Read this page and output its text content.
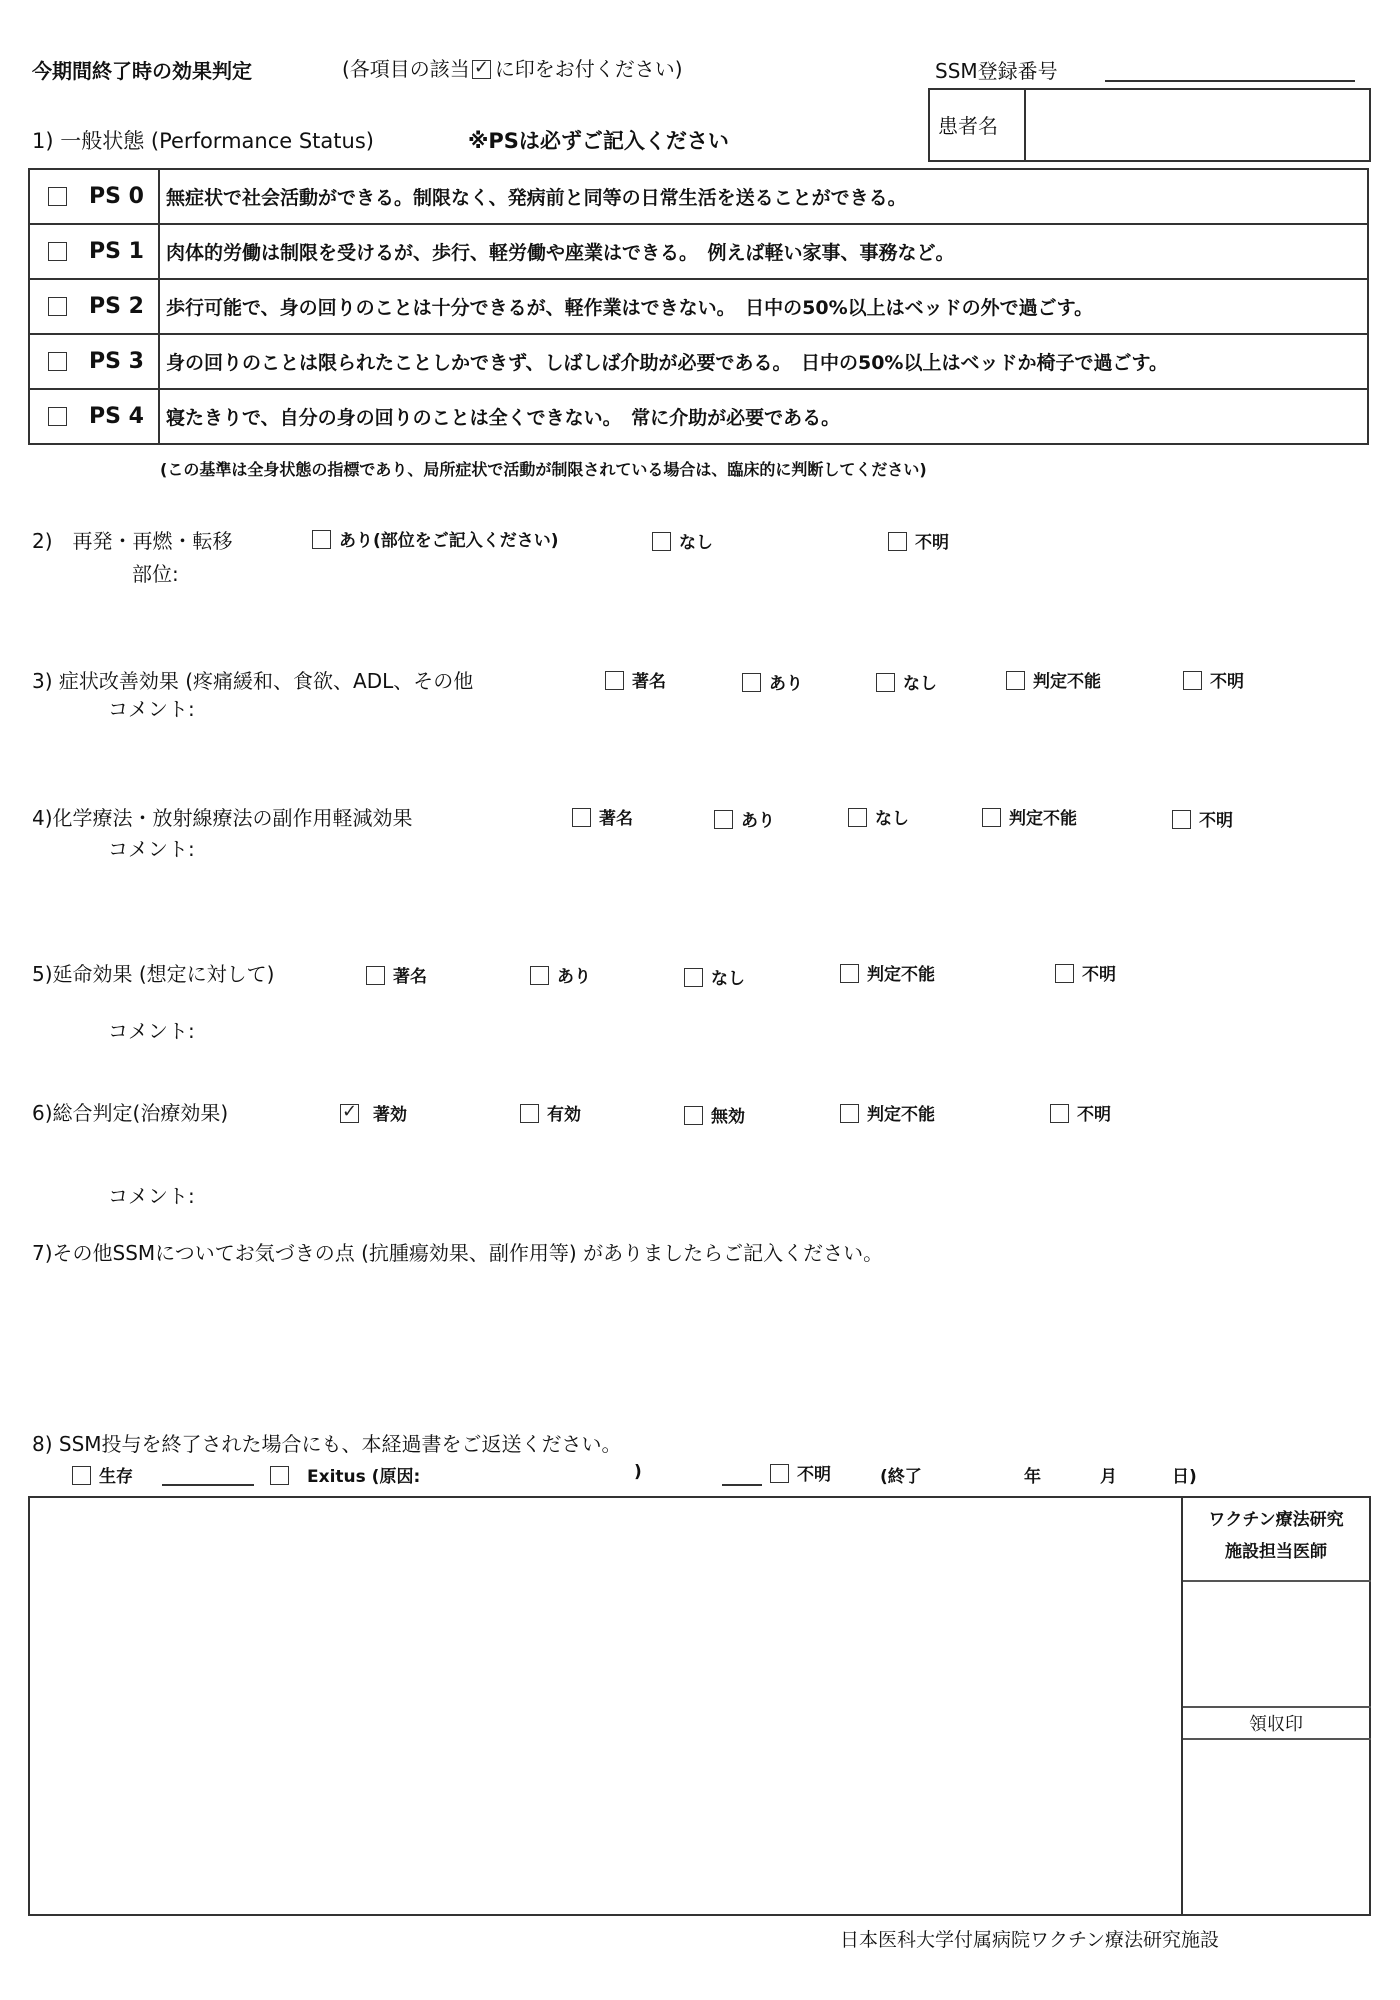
今期間終了時の効果判定	(各項目の該当 ✓ に印をお付ください)	SSM登録番号
患者名
1) 一般状態 (Performance Status)	※PSは必ずご記入ください
PS 0	無症状で社会活動ができる。制限なく、発病前と同等の日常生活を送ることができる。
PS 1	肉体的労働は制限を受けるが、歩行、軽労働や座業はできる。　例えば軽い家事、事務など。
PS 2	歩行可能で、身の回りのことは十分できるが、軽作業はできない。　日中の50%以上はベッドの外で過ごす。
PS 3	身の回りのことは限られたことしかできず、しばしば介助が必要である。　日中の50%以上はベッドか椅子で過ごす。
PS 4	寝たきりで、自分の身の回りのことは全くできない。　常に介助が必要である。
(この基準は全身状態の指標であり、局所症状で活動が制限されている場合は、臨床的に判断してください)
2)　再発・再燃・転移	あり(部位をご記入ください)	なし	不明
部位:
3) 症状改善効果 (疼痛緩和、食欲、ADL、その他	著名	あり	なし	判定不能	不明
コメント:
4)化学療法・放射線療法の副作用軽減効果	著名	あり	なし	判定不能	不明
コメント:
5)延命効果 (想定に対して)	著名	あり	なし	判定不能	不明
コメント:
6)総合判定(治療効果) ✓	著効	有効	無効	判定不能	不明
コメント:
7)その他SSMについてお気づきの点 (抗腫瘍効果、副作用等) がありましたらご記入ください。
8) SSM投与を終了された場合にも、本経過書をご返送ください。
生存	Exitus (原因:	)	不明	(終了	年	月	日)
ワクチン療法研究
施設担当医師
領収印
日本医科大学付属病院ワクチン療法研究施設
